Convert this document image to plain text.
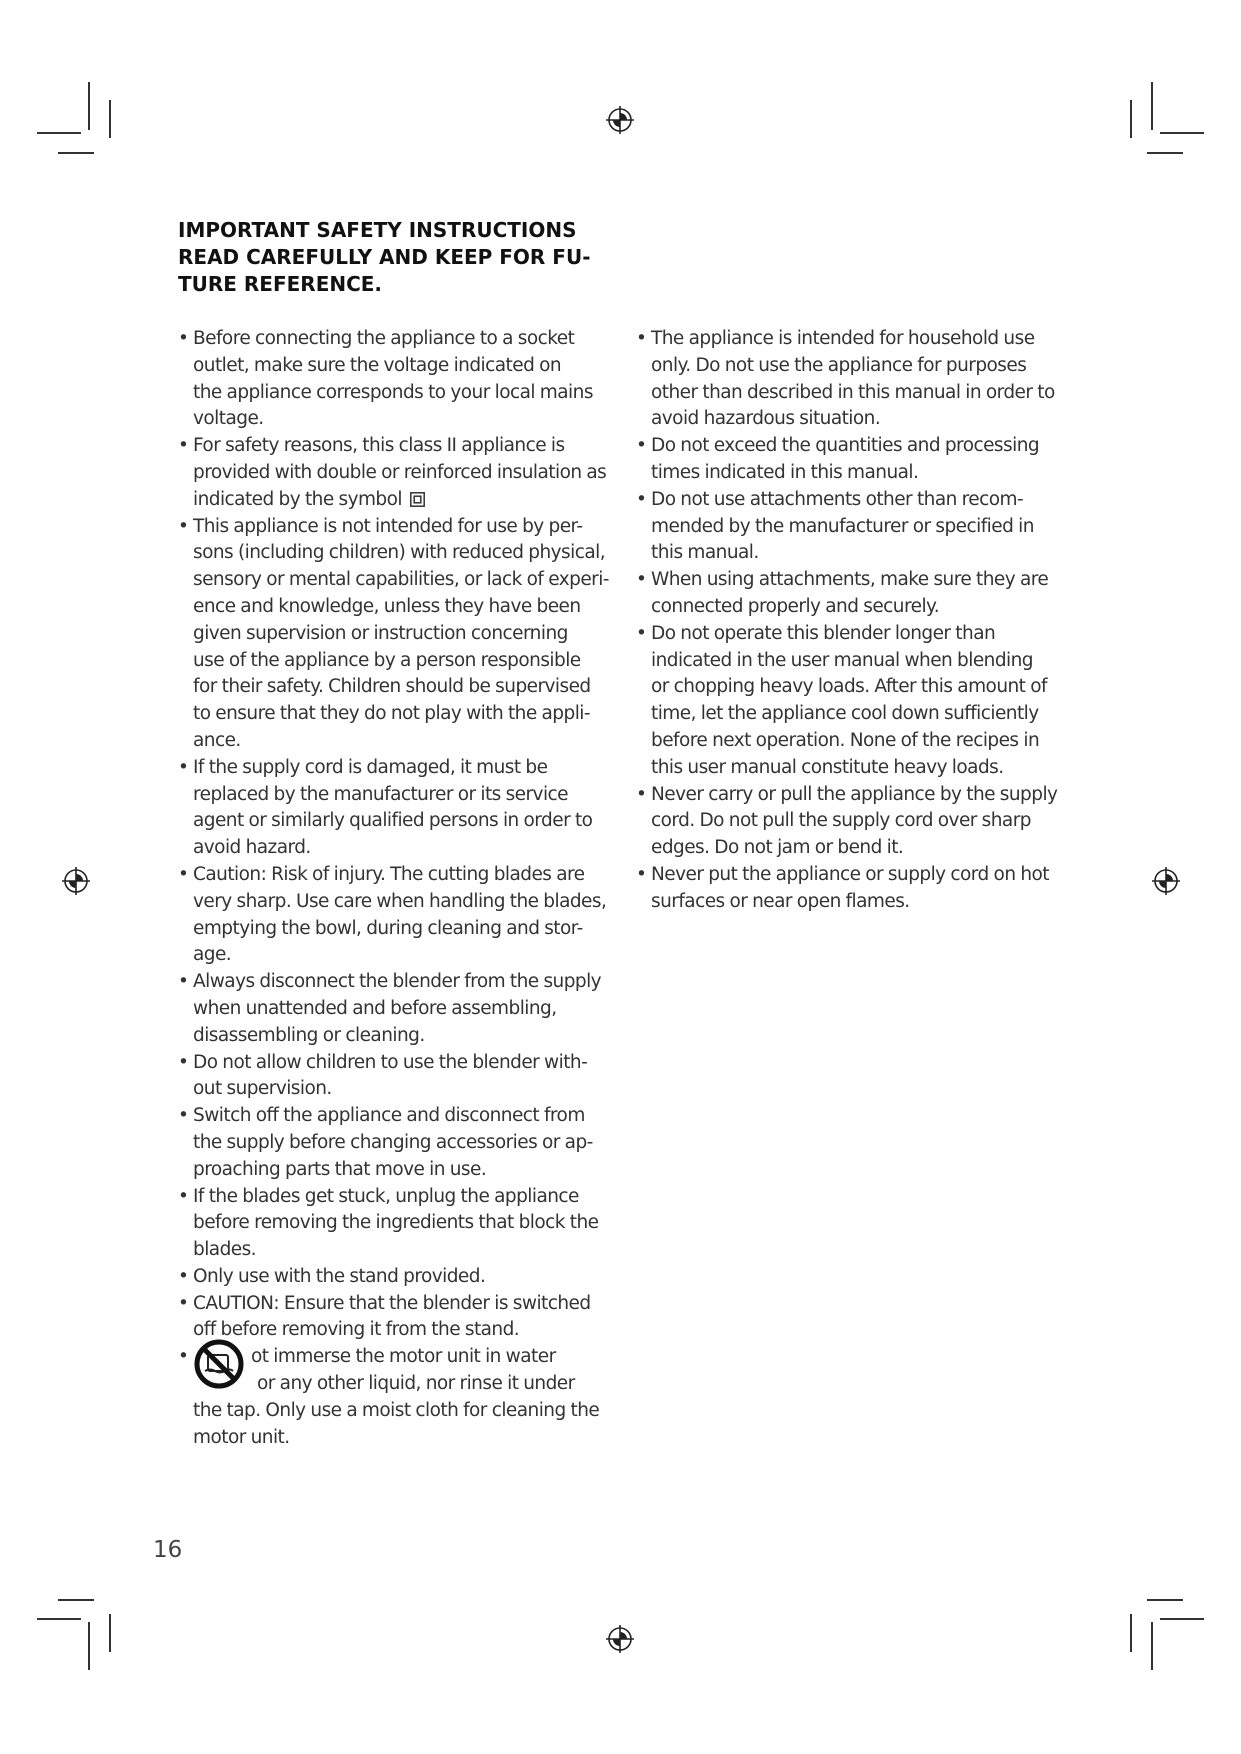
IMPORTANT SAFETY INSTRUCTIONS
READ CAREFULLY AND KEEP FOR FU-
TURE REFERENCE.
• Before connecting the appliance to a socket
outlet, make sure the voltage indicated on
the appliance corresponds to your local mains
voltage.
• For safety reasons, this class II appliance is
provided with double or reinforced insulation as
indicated by the symbol
• This appliance is not intended for use by per-
sons (including children) with reduced physical,
sensory or mental capabilities, or lack of experi-
ence and knowledge, unless they have been
given supervision or instruction concerning
use of the appliance by a person responsible
for their safety. Children should be supervised
to ensure that they do not play with the appli-
ance.
• If the supply cord is damaged, it must be
replaced by the manufacturer or its service
agent or similarly qualified persons in order to
avoid hazard.
• Caution: Risk of injury. The cutting blades are
very sharp. Use care when handling the blades,
emptying the bowl, during cleaning and stor-
age.
• Always disconnect the blender from the supply
when unattended and before assembling,
disassembling or cleaning.
• Do not allow children to use the blender with-
out supervision.
• Switch off the appliance and disconnect from
the supply before changing accessories or ap-
proaching parts that move in use.
• If the blades get stuck, unplug the appliance
before removing the ingredients that block the
blades.
• Only use with the stand provided.
• CAUTION: Ensure that the blender is switched
off before removing it from the stand.
• ot immerse the motor unit in water
or any other liquid, nor rinse it under
the tap. Only use a moist cloth for cleaning the
motor unit.
• The appliance is intended for household use
only. Do not use the appliance for purposes
other than described in this manual in order to
avoid hazardous situation.
• Do not exceed the quantities and processing
times indicated in this manual.
• Do not use attachments other than recom-
mended by the manufacturer or specified in
this manual.
• When using attachments, make sure they are
connected properly and securely.
• Do not operate this blender longer than
indicated in the user manual when blending
or chopping heavy loads. After this amount of
time, let the appliance cool down sufficiently
before next operation. None of the recipes in
this user manual constitute heavy loads.
• Never carry or pull the appliance by the supply
cord. Do not pull the supply cord over sharp
edges. Do not jam or bend it.
• Never put the appliance or supply cord on hot
surfaces or near open flames.
16
